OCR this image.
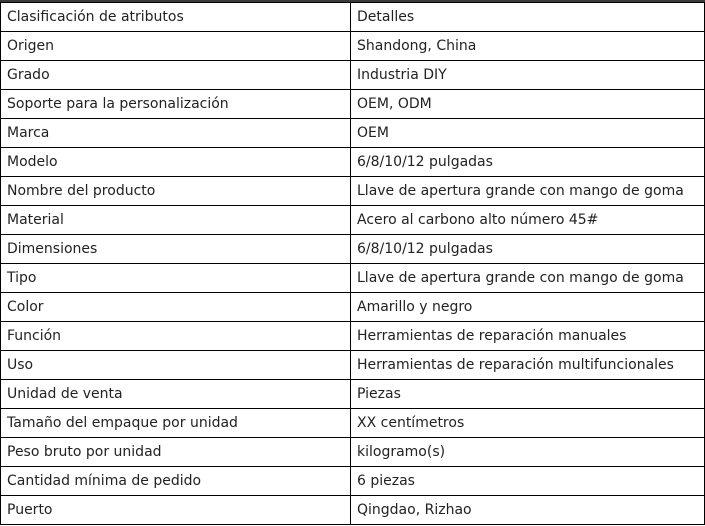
Clasificación de atributos	Detalles
Origen	Shandong, China
Grado	Industria DIY
Soporte para la personalización	OEM, ODM
Marca	OEM
Modelo	6/8/10/12 pulgadas
Nombre del producto	Llave de apertura grande con mango de goma
Material	Acero al carbono alto número 45#
Dimensiones	6/8/10/12 pulgadas
Tipo	Llave de apertura grande con mango de goma
Color	Amarillo y negro
Función	Herramientas de reparación manuales
Uso	Herramientas de reparación multifuncionales
Unidad de venta	Piezas
Tamaño del empaque por unidad	XX centímetros
Peso bruto por unidad	kilogramo(s)
Cantidad mínima de pedido	6 piezas
Puerto	Qingdao, Rizhao
